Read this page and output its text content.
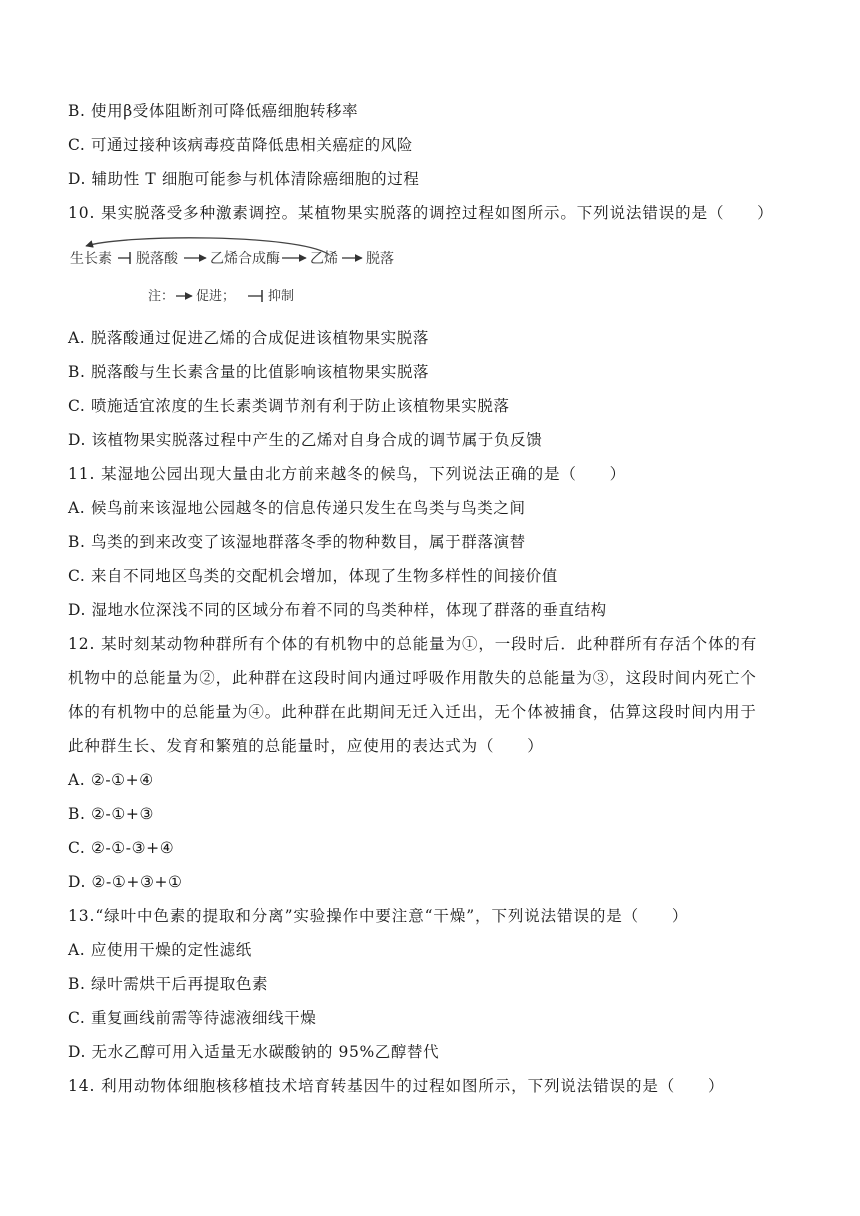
B. 使用β受体阻断剂可降低癌细胞转移率
C. 可通过接种该病毒疫苗降低患相关癌症的风险
D. 辅助性 T 细胞可能参与机体清除癌细胞的过程
10. 果实脱落受多种激素调控。某植物果实脱落的调控过程如图所示。下列说法错误的是（　　）
生长素 脱落酸 乙烯合成酶 乙烯 脱落
注： 促进；	抑制
A. 脱落酸通过促进乙烯的合成促进该植物果实脱落
B. 脱落酸与生长素含量的比值影响该植物果实脱落
C. 喷施适宜浓度的生长素类调节剂有利于防止该植物果实脱落
D. 该植物果实脱落过程中产生的乙烯对自身合成的调节属于负反馈
11. 某湿地公园出现大量由北方前来越冬的候鸟，下列说法正确的是（　　）
A. 候鸟前来该湿地公园越冬的信息传递只发生在鸟类与鸟类之间
B. 鸟类的到来改变了该湿地群落冬季的物种数目，属于群落演替
C. 来自不同地区鸟类的交配机会增加，体现了生物多样性的间接价值
D. 湿地水位深浅不同的区域分布着不同的鸟类种样，体现了群落的垂直结构
12. 某时刻某动物种群所有个体的有机物中的总能量为①，一段时后．此种群所有存活个体的有
机物中的总能量为②，此种群在这段时间内通过呼吸作用散失的总能量为③，这段时间内死亡个
体的有机物中的总能量为④。此种群在此期间无迁入迁出，无个体被捕食，估算这段时间内用于
此种群生长、发育和繁殖的总能量时，应使用的表达式为（　　）
A. ②-①+④
B. ②-①+③
C. ②-①-③+④
D. ②-①+③+①
13.“绿叶中色素的提取和分离”实验操作中要注意“干燥”，下列说法错误的是（　　）
A. 应使用干燥的定性滤纸
B. 绿叶需烘干后再提取色素
C. 重复画线前需等待滤液细线干燥
D. 无水乙醇可用入适量无水碳酸钠的 95%乙醇替代
14. 利用动物体细胞核移植技术培育转基因牛的过程如图所示，下列说法错误的是（　　）
